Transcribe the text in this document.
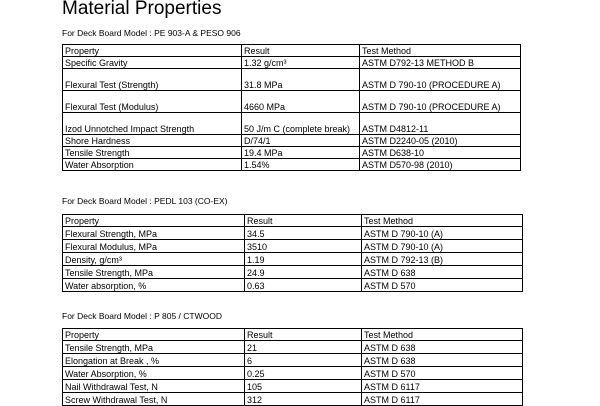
Material Properties
For Deck Board Model : PE 903-A & PESO 906
Property	Result	Test Method
Specific Gravity	1.32 g/cm³	ASTM D792-13 METHOD B
Flexural Test (Strength)	31.8 MPa	ASTM D 790-10 (PROCEDURE A)
Flexural Test (Modulus)	4660 MPa	ASTM D 790-10 (PROCEDURE A)
Izod Unnotched Impact Strength	50 J/m C (complete break)	ASTM D4812-11
Shore Hardness	D/74/1	ASTM D2240-05 (2010)
Tensile Strength	19.4 MPa	ASTM D638-10
Water Absorption	1.54%	ASTM D570-98 (2010)
For Deck Board Model : PEDL 103 (CO-EX)
Property	Result	Test Method
Flexural Strength, MPa	34.5	ASTM D 790-10 (A)
Flexural Modulus, MPa	3510	ASTM D 790-10 (A)
Density, g/cm³	1.19	ASTM D 792-13 (B)
Tensile Strength, MPa	24.9	ASTM D 638
Water absorption, %	0.63	ASTM D 570
For Deck Board Model : P 805 / CTWOOD
Property	Result	Test Method
Tensile Strength, MPa	21	ASTM D 638
Elongation at Break , %	6	ASTM D 638
Water Absorption, %	0.25	ASTM D 570
Nail Withdrawal Test, N	105	ASTM D 6117
Screw Withdrawal Test, N	312	ASTM D 6117
